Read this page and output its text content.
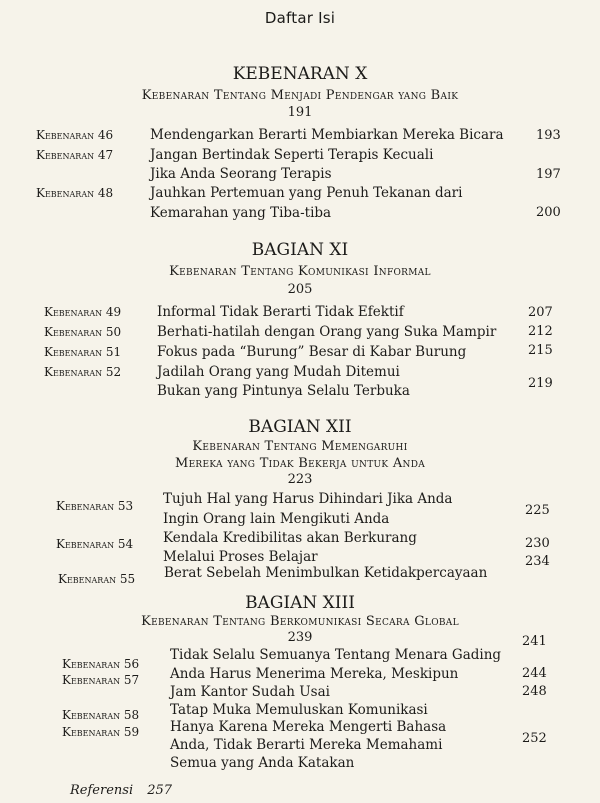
Daftar Isi
KEBENARAN X
Kebenaran Tentang Menjadi Pendengar yang Baik
191
Kebenaran 46	Mendengarkan Berarti Membiarkan Mereka Bicara 193
Kebenaran 47	Jangan Bertindak Seperti Terapis Kecuali
Jika Anda Seorang Terapis	197
Kebenaran 48	Jauhkan Pertemuan yang Penuh Tekanan dari
Kemarahan yang Tiba-tiba	200
BAGIAN XI
Kebenaran Tentang Komunikasi Informal
205
Kebenaran 49	Informal Tidak Berarti Tidak Efektif	207
Kebenaran 50	Berhati-hatilah dengan Orang yang Suka Mampir 212
Kebenaran 51	Fokus pada “Burung” Besar di Kabar Burung	215
Kebenaran 52	Jadilah Orang yang Mudah Ditemui
Bukan yang Pintunya Selalu Terbuka	219
BAGIAN XII
Kebenaran Tentang Memengaruhi
Mereka yang Tidak Bekerja untuk Anda
223
Kebenaran 53 Tujuh Hal yang Harus Dihindari Jika Anda
Ingin Orang lain Mengikuti Anda
225
Kebenaran 54 Kendala Kredibilitas akan Berkurang
Melalui Proses Belajar
230
Kebenaran 55 Berat Sebelah Menimbulkan Ketidakpercayaan
234
BAGIAN XIII
Kebenaran Tentang Berkomunikasi Secara Global
239
Kebenaran 56
Tidak Selalu Semuanya Tentang Menara Gading
241
Kebenaran 57 Anda Harus Menerima Mereka, Meskipun
Jam Kantor Sudah Usai
244
Kebenaran 58 Tatap Muka Memuluskan Komunikasi
248
Kebenaran 59 Hanya Karena Mereka Mengerti Bahasa
Anda, Tidak Berarti Mereka Memahami
Semua yang Anda Katakan
252
Referensi 257
